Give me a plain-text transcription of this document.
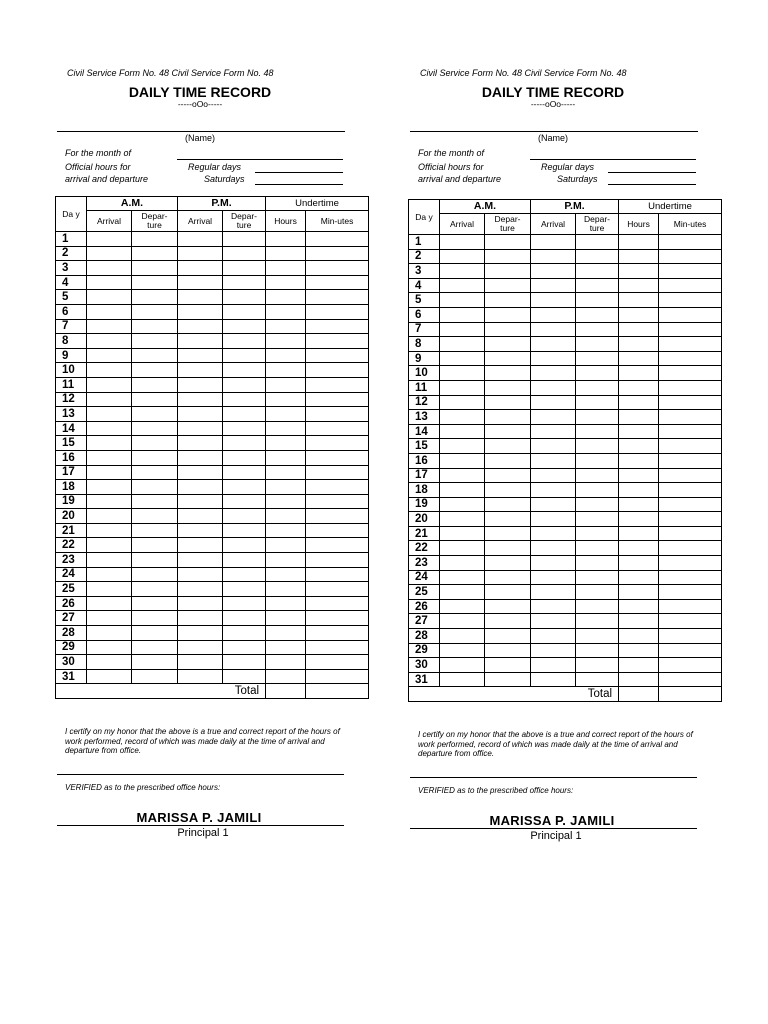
Civil Service Form No. 48 Civil Service Form No. 48
DAILY TIME RECORD
-----oOo-----
(Name)
For the month of
Official hours for
arrival and departure
Regular days
Saturdays
Da y	A.M.		P.M.		Undertime	
	Arrival	Depar- ture	Arrival	Depar- ture	Hours	Min-utes
1						
2						
3						
4						
5						
6						
7						
8						
9						
10						
11						
12						
13						
14						
15						
16						
17						
18						
19						
20						
21						
22						
23						
24						
25						
26						
27						
28						
29						
30						
31						
Total						
I certify on my honor that the above is a true and correct report of the hours of work performed, record of which was made daily at the time of arrival and departure from office.
VERIFIED as to the prescribed office hours:
MARISSA P. JAMILI
Principal 1
Civil Service Form No. 48 Civil Service Form No. 48
DAILY TIME RECORD
-----oOo-----
(Name)
For the month of
Official hours for
arrival and departure
Regular days
Saturdays
Da y	A.M.		P.M.		Undertime	
	Arrival	Depar- ture	Arrival	Depar- ture	Hours	Min-utes
1						
2						
3						
4						
5						
6						
7						
8						
9						
10						
11						
12						
13						
14						
15						
16						
17						
18						
19						
20						
21						
22						
23						
24						
25						
26						
27						
28						
29						
30						
31						
Total						
I certify on my honor that the above is a true and correct report of the hours of work performed, record of which was made daily at the time of arrival and departure from office.
VERIFIED as to the prescribed office hours:
MARISSA P. JAMILI
Principal 1
